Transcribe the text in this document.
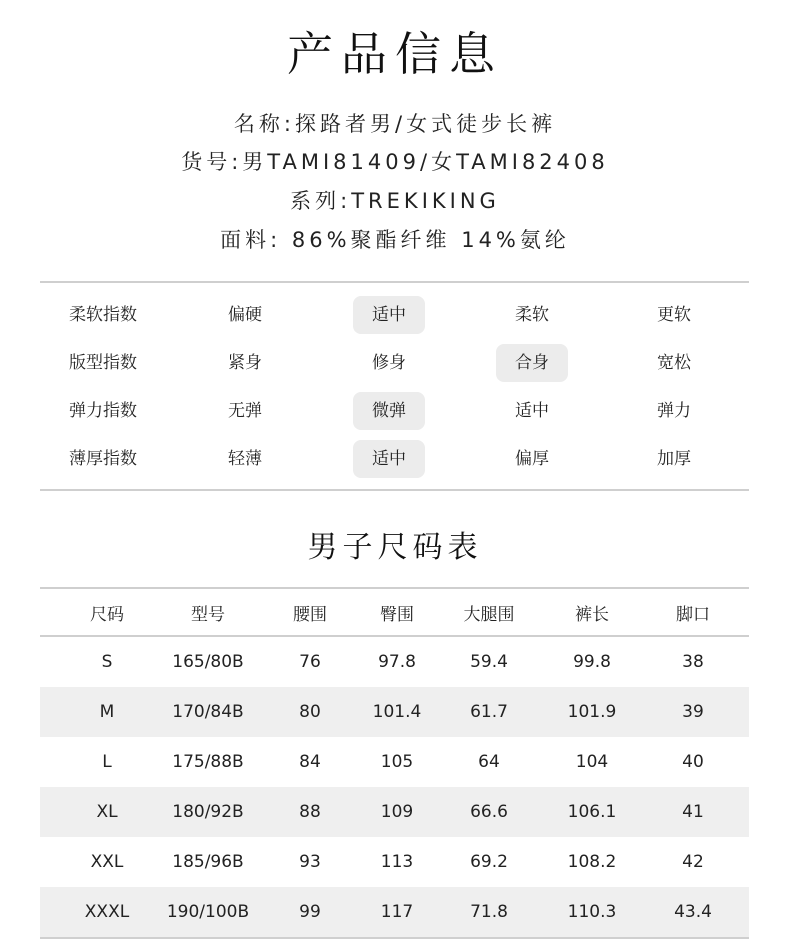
产品信息
名称:探路者男/女式徒步长裤
货号:男TAMI81409/女TAMI82408
系列:TREKIKING
面料: 86%聚酯纤维 14%氨纶
柔软指数	偏硬	适中	柔软	更软
版型指数	紧身	修身	合身	宽松
弹力指数	无弹	微弹	适中	弹力
薄厚指数	轻薄	适中	偏厚	加厚
男子尺码表
尺码	型号	腰围	臀围	大腿围	裤长	脚口
S	165/80B	76	97.8	59.4	99.8	38
M	170/84B	80	101.4	61.7	101.9	39
L	175/88B	84	105	64	104	40
XL	180/92B	88	109	66.6	106.1	41
XXL	185/96B	93	113	69.2	108.2	42
XXXL	190/100B	99	117	71.8	110.3	43.4
